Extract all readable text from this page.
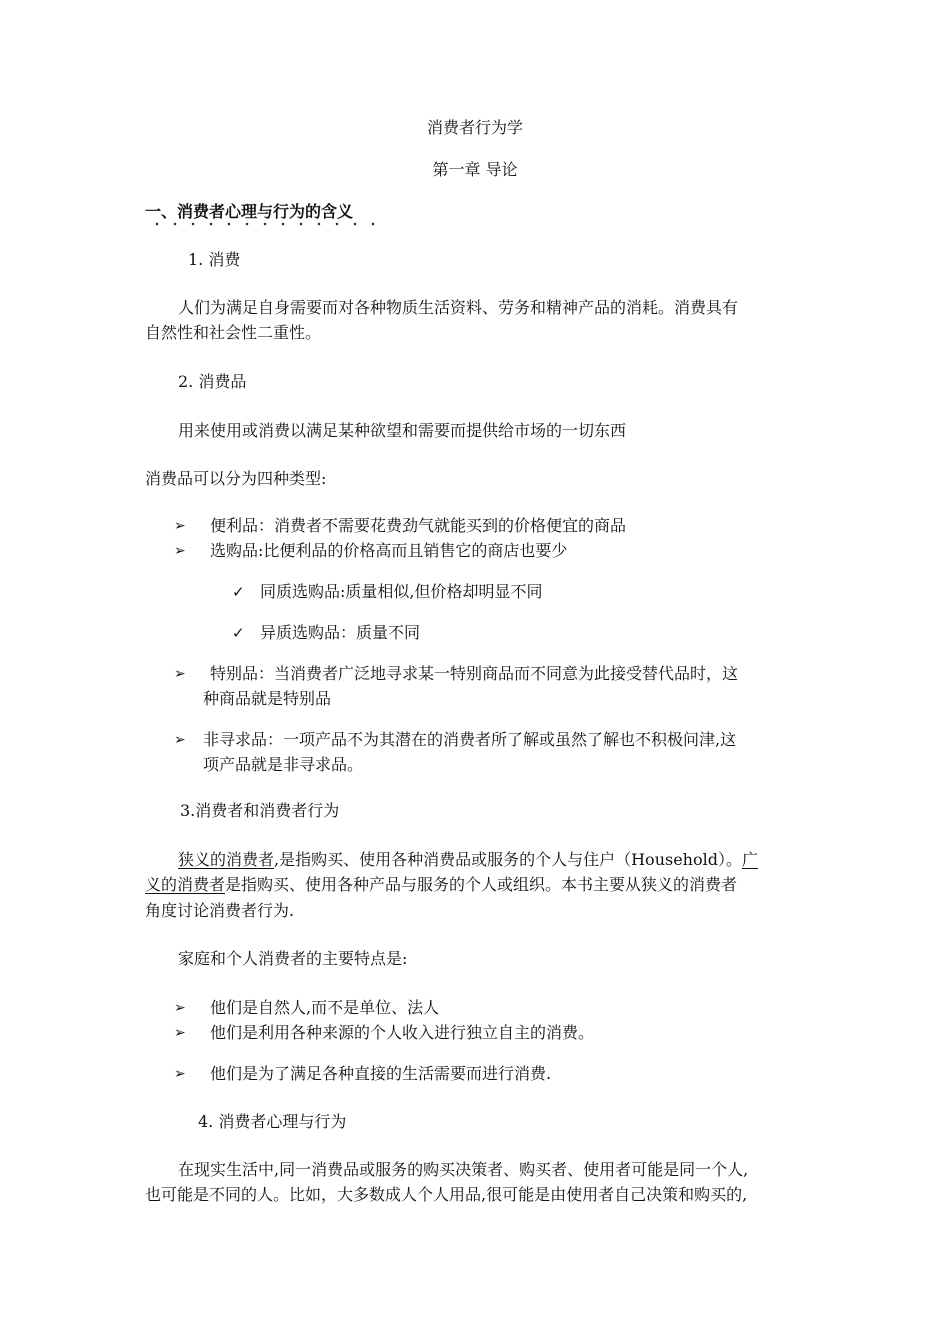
消费者行为学
第一章 导论
一、消费者心理与行为的含义
1. 消费
人们为满足自身需要而对各种物质生活资料、劳务和精神产品的消耗。消费具有
自然性和社会性二重性。
2. 消费品
用来使用或消费以满足某种欲望和需要而提供给市场的一切东西
消费品可以分为四种类型:
➢ 便利品：消费者不需要花费劲气就能买到的价格便宜的商品
➢ 选购品:比便利品的价格高而且销售它的商店也要少
✓ 同质选购品:质量相似,但价格却明显不同
✓ 异质选购品：质量不同
➢ 特别品：当消费者广泛地寻求某一特别商品而不同意为此接受替代品时，这
种商品就是特别品
➢ 非寻求品：一项产品不为其潜在的消费者所了解或虽然了解也不积极问津,这
项产品就是非寻求品。
3.消费者和消费者行为
狭义的消费者,是指购买、使用各种消费品或服务的个人与住户（Household）。广
义的消费者是指购买、使用各种产品与服务的个人或组织。本书主要从狭义的消费者
角度讨论消费者行为.
家庭和个人消费者的主要特点是:
➢ 他们是自然人,而不是单位、法人
➢ 他们是利用各种来源的个人收入进行独立自主的消费。
➢ 他们是为了满足各种直接的生活需要而进行消费.
4. 消费者心理与行为
在现实生活中,同一消费品或服务的购买决策者、购买者、使用者可能是同一个人,
也可能是不同的人。比如，大多数成人个人用品,很可能是由使用者自己决策和购买的,
